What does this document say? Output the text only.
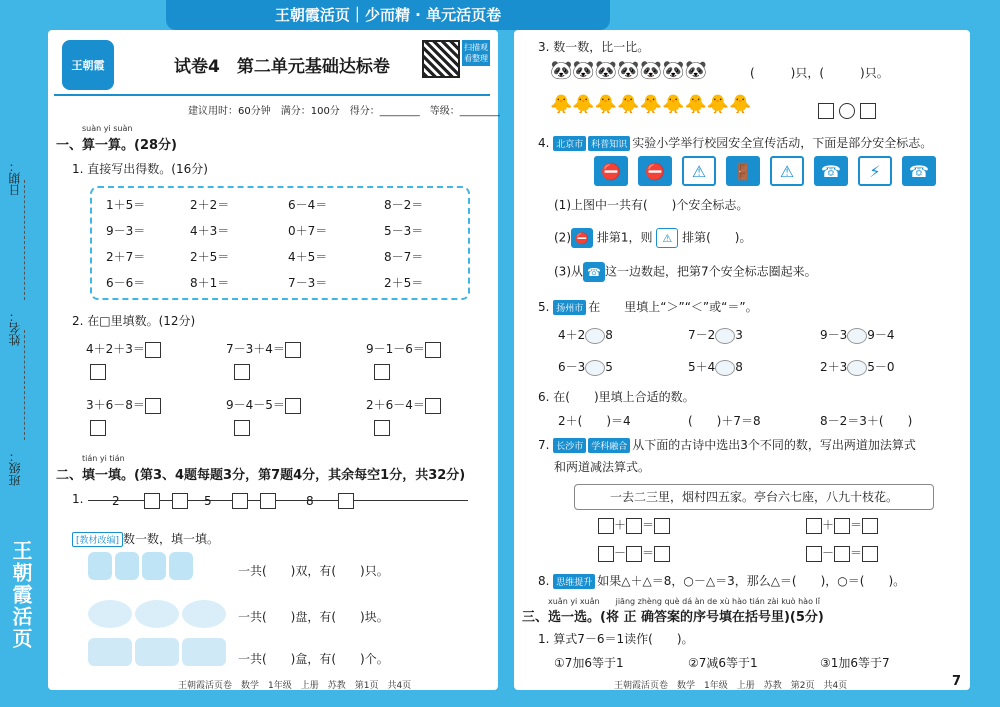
日期：
姓名：
班级：
王朝霞活页
王朝霞活页｜少而精 · 单元活页卷
王朝霞	试卷4　第二单元基础达标卷
扫描观看整理
建议用时：60分钟　满分：100分　得分：________　等级：________
suàn yi suàn
一、算一算。(28分)
1. 直接写出得数。(16分)
1＋5＝	2＋2＝	6－4＝	8－2＝
9－3＝	4＋3＝	0＋7＝	5－3＝
2＋7＝	2＋5＝	4＋5＝	8－7＝
6－6＝	8＋1＝	7－3＝	2＋5＝
2. 在□里填数。(12分)
4＋2＋3＝	7－3＋4＝	9－1－6＝
3＋6－8＝	9－4－5＝	2＋6－4＝
tián yi tián
二、填一填。(第3、4题每题3分，第7题4分，其余每空1分，共32分)
1. 2	5	8
[教材改编] 数一数，填一填。
一共(　　)双，有(　　)只。
一共(　　)盘，有(　　)块。
一共(　　)盒，有(　　)个。
王朝霞活页卷　数学　1年级　上册　苏教　第1页　共4页
3. 数一数，比一比。
🐼🐼🐼🐼🐼🐼🐼	(　　　)只，(　　　)只。
🐥🐥🐥🐥🐥🐥🐥🐥🐥

4. 北京市 科普知识 实验小学举行校园安全宣传活动，下面是部分安全标志。
⛔	⛔	⚠	🚪	⚠	☎	⚡	☎
(1)上图中一共有(　　)个安全标志。
(2) ⛔ 排第1，则 ⚠ 排第(　　)。
(3)从 ☎ 这一边数起，把第7个安全标志圈起来。
5. 扬州市 在　　里填上“＞”“＜”或“＝”。
4＋2 8	7－2 3	9－3 9－4
6－3 5	5＋4 8	2＋3 5－0
6. 在(　　)里填上合适的数。
2＋(　　)＝4	(　　)＋7＝8	8－2＝3＋(　　)
7. 长沙市 学科融合 从下面的古诗中选出3个不同的数，写出两道加法算式
和两道减法算式。
一去二三里，烟村四五家。亭台六七座，八九十枝花。
＋ ＝	＋ ＝
－ ＝	－ ＝
8. 思维提升 如果△＋△＝8，○－△＝3，那么△＝(　　)，○＝(　　)。
xuǎn yi xuǎn　　jiāng zhèng què dá àn de xù hào tián zài kuò hào lǐ
三、选一选。(将 正 确答案的序号填在括号里)(5分)
1. 算式7－6＝1读作(　　)。
①7加6等于1	②7减6等于1	③1加6等于7
王朝霞活页卷　数学　1年级　上册　苏教　第2页　共4页	7
